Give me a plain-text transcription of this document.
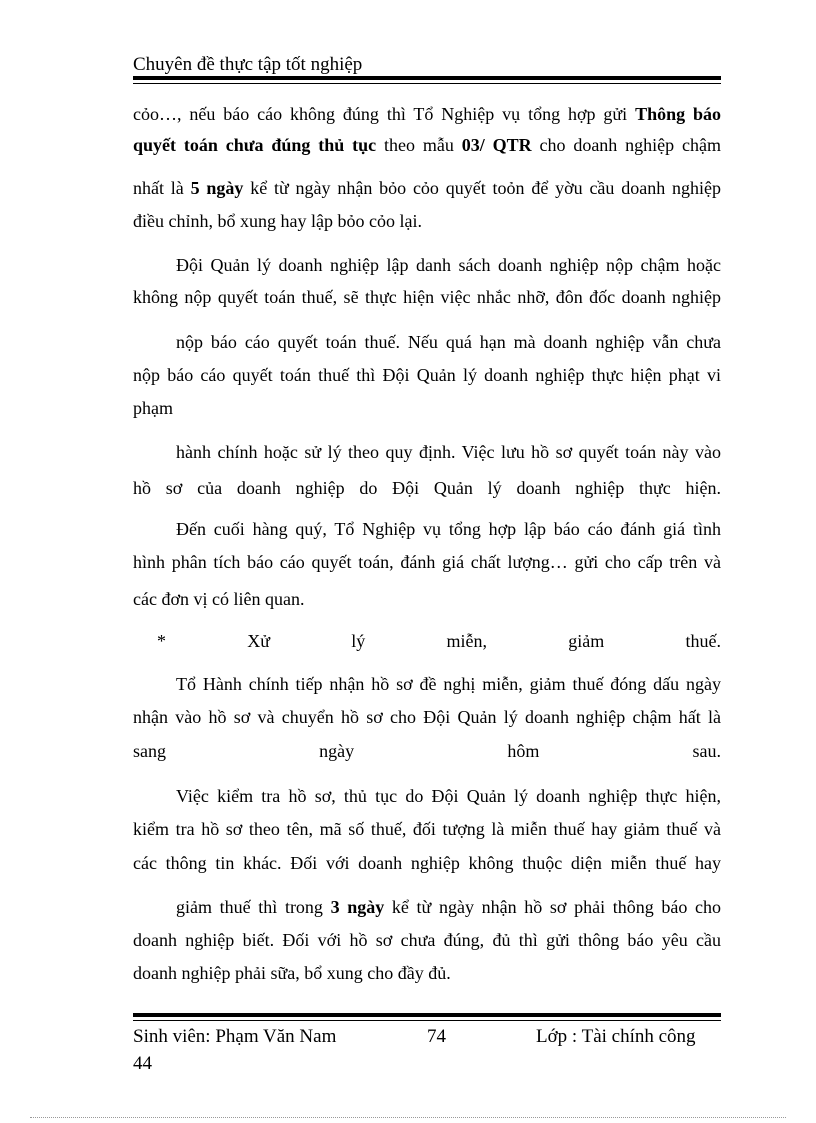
Chuyên đề thực tập tốt nghiệp
cỏo…, nếu báo cáo không đúng thì Tổ Nghiệp vụ tổng hợp gửi Thông báo
quyết toán chưa đúng thủ tục theo mẫu 03/ QTR cho doanh nghiệp chậm
nhất là 5 ngày kể từ ngày nhận bỏo cỏo quyết toỏn để yờu cầu doanh nghiệp
điều chỉnh, bổ xung hay lập bỏo cỏo lại.
Đội Quản lý doanh nghiệp lập danh sách doanh nghiệp nộp chậm hoặc
không nộp quyết toán thuế, sẽ thực hiện việc nhắc nhỡ, đôn đốc doanh nghiệp
nộp báo cáo quyết toán thuế. Nếu quá hạn mà doanh nghiệp vẫn chưa
nộp báo cáo quyết toán thuế thì Đội Quản lý doanh nghiệp thực hiện phạt vi
phạm
hành chính hoặc sử lý theo quy định. Việc lưu hồ sơ quyết toán này vào
hồ sơ của doanh nghiệp do Đội Quản lý doanh nghiệp thực hiện.
Đến cuối hàng quý, Tổ Nghiệp vụ tổng hợp lập báo cáo đánh giá tình
hình phân tích báo cáo quyết toán, đánh giá chất lượng… gửi cho cấp trên và
các đơn vị có liên quan.
* Xử lý miễn, giảm thuế.
Tổ Hành chính tiếp nhận hồ sơ đề nghị miễn, giảm thuế đóng dấu ngày
nhận vào hồ sơ và chuyển hồ sơ cho Đội Quản lý doanh nghiệp chậm hất là
sang ngày hôm sau.
Việc kiểm tra hồ sơ, thủ tục do Đội Quản lý doanh nghiệp thực hiện,
kiểm tra hồ sơ theo tên, mã số thuế, đối tượng là miễn thuế hay giảm thuế và
các thông tin khác. Đối với doanh nghiệp không thuộc diện miễn thuế hay
giảm thuế thì trong 3 ngày kể từ ngày nhận hồ sơ phải thông báo cho
doanh nghiệp biết. Đối với hồ sơ chưa đúng, đủ thì gửi thông báo yêu cầu
doanh nghiệp phải sữa, bổ xung cho đầy đủ.
Sinh viên: Phạm Văn Nam	74	Lớp : Tài chính công
44
